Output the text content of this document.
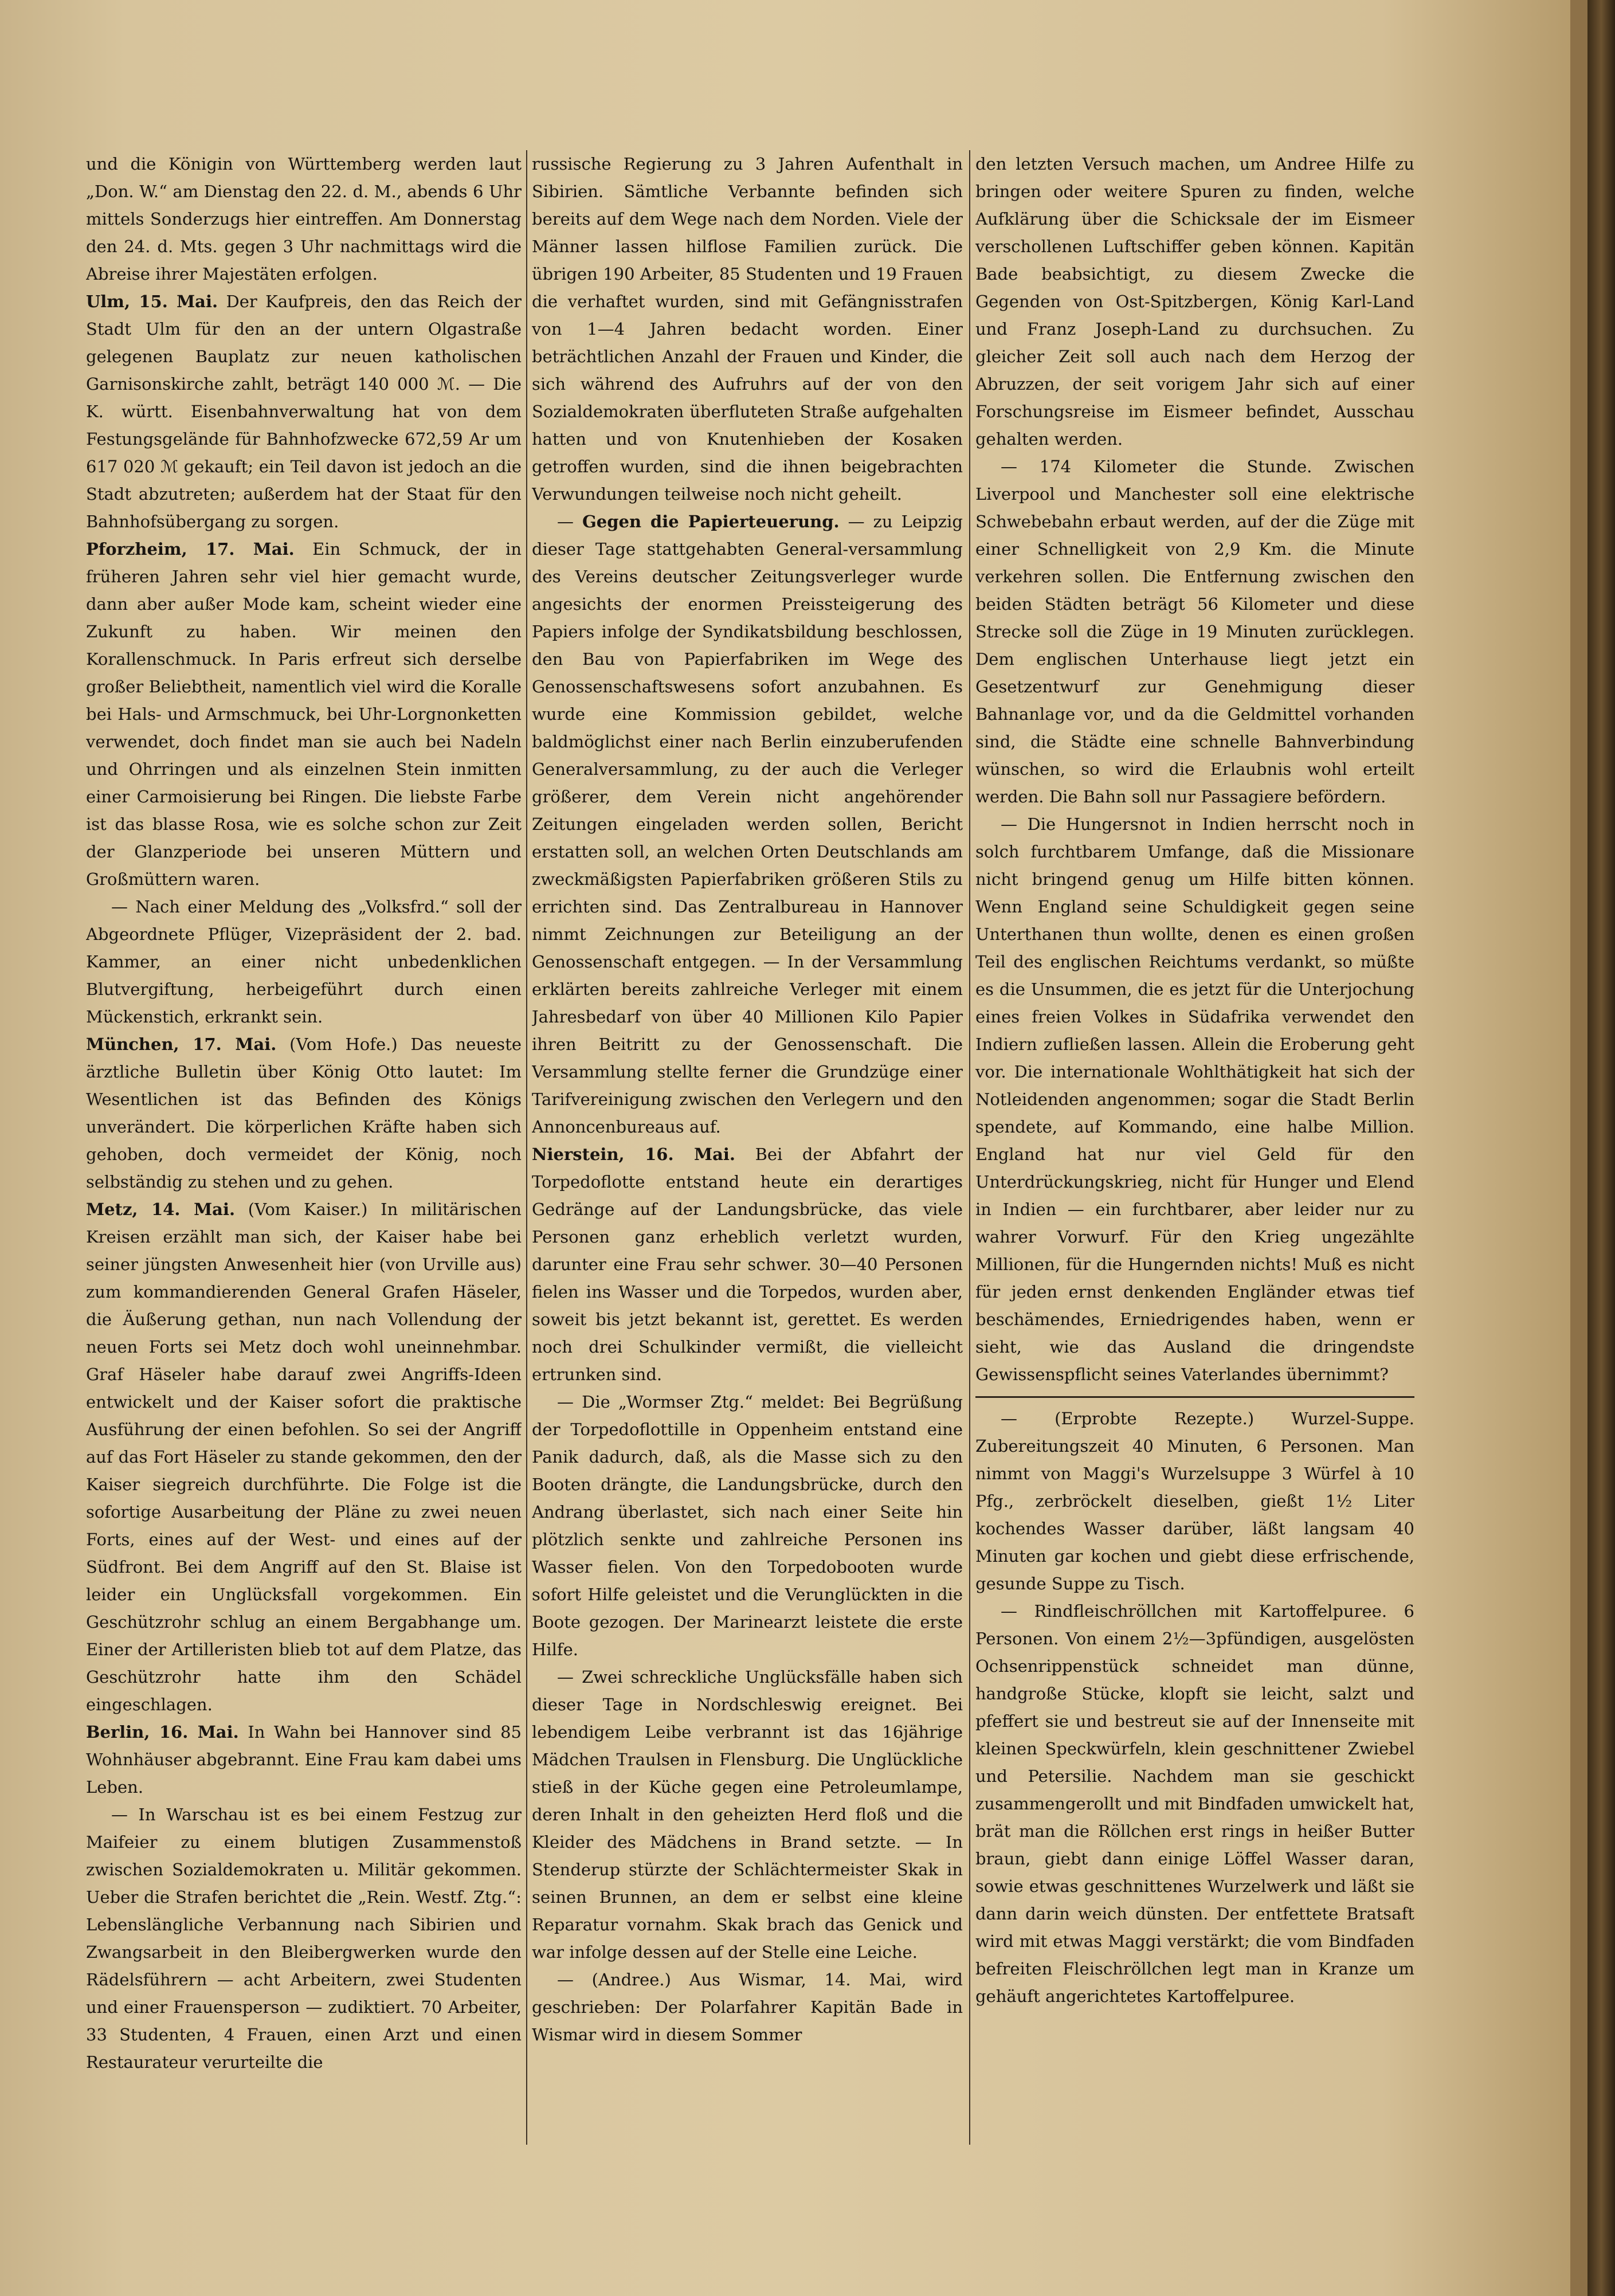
und die Königin von Württemberg werden laut „Don. W.“ am Dienstag den 22. d. M., abends 6 Uhr mittels Sonderzugs hier eintreffen. Am Donnerstag den 24. d. Mts. gegen 3 Uhr nachmittags wird die Abreise ihrer Majestäten erfolgen.

Ulm, 15. Mai. Der Kaufpreis, den das Reich der Stadt Ulm für den an der untern Olgastraße gelegenen Bauplatz zur neuen katholischen Garnisonskirche zahlt, beträgt 140 000 ℳ. — Die K. württ. Eisenbahnverwaltung hat von dem Festungsgelände für Bahnhofzwecke 672,59 Ar um 617 020 ℳ gekauft; ein Teil davon ist jedoch an die Stadt abzutreten; außerdem hat der Staat für den Bahnhofsübergang zu sorgen.

Pforzheim, 17. Mai. Ein Schmuck, der in früheren Jahren sehr viel hier gemacht wurde, dann aber außer Mode kam, scheint wieder eine Zukunft zu haben. Wir meinen den Korallenschmuck. In Paris erfreut sich derselbe großer Beliebtheit, namentlich viel wird die Koralle bei Hals- und Armschmuck, bei Uhr-Lorgnonketten verwendet, doch findet man sie auch bei Nadeln und Ohrringen und als einzelnen Stein inmitten einer Carmoisierung bei Ringen. Die liebste Farbe ist das blasse Rosa, wie es solche schon zur Zeit der Glanzperiode bei unseren Müttern und Großmüttern waren.

— Nach einer Meldung des „Volksfrd.“ soll der Abgeordnete Pflüger, Vizepräsident der 2. bad. Kammer, an einer nicht unbedenklichen Blutvergiftung, herbeigeführt durch einen Mückenstich, erkrankt sein.

München, 17. Mai. (Vom Hofe.) Das neueste ärztliche Bulletin über König Otto lautet: Im Wesentlichen ist das Befinden des Königs unverändert. Die körperlichen Kräfte haben sich gehoben, doch vermeidet der König, noch selbständig zu stehen und zu gehen.

Metz, 14. Mai. (Vom Kaiser.) In militärischen Kreisen erzählt man sich, der Kaiser habe bei seiner jüngsten Anwesenheit hier (von Urville aus) zum kommandierenden General Grafen Häseler, die Äußerung gethan, nun nach Vollendung der neuen Forts sei Metz doch wohl uneinnehmbar. Graf Häseler habe darauf zwei Angriffs-Ideen entwickelt und der Kaiser sofort die praktische Ausführung der einen befohlen. So sei der Angriff auf das Fort Häseler zu stande gekommen, den der Kaiser siegreich durchführte. Die Folge ist die sofortige Ausarbeitung der Pläne zu zwei neuen Forts, eines auf der West- und eines auf der Südfront. Bei dem Angriff auf den St. Blaise ist leider ein Unglücksfall vorgekommen. Ein Geschützrohr schlug an einem Bergabhange um. Einer der Artilleristen blieb tot auf dem Platze, das Geschützrohr hatte ihm den Schädel eingeschlagen.

Berlin, 16. Mai. In Wahn bei Hannover sind 85 Wohnhäuser abgebrannt. Eine Frau kam dabei ums Leben.

— In Warschau ist es bei einem Festzug zur Maifeier zu einem blutigen Zusammenstoß zwischen Sozialdemokraten u. Militär gekommen. Ueber die Strafen berichtet die „Rein. Westf. Ztg.“: Lebenslängliche Verbannung nach Sibirien und Zwangsarbeit in den Bleibergwerken wurde den Rädelsführern — acht Arbeitern, zwei Studenten und einer Frauensperson — zudiktiert. 70 Arbeiter, 33 Studenten, 4 Frauen, einen Arzt und einen Restaurateur verurteilte die

russische Regierung zu 3 Jahren Aufenthalt in Sibirien. Sämtliche Verbannte befinden sich bereits auf dem Wege nach dem Norden. Viele der Männer lassen hilflose Familien zurück. Die übrigen 190 Arbeiter, 85 Studenten und 19 Frauen die verhaftet wurden, sind mit Gefängnisstrafen von 1—4 Jahren bedacht worden. Einer beträchtlichen Anzahl der Frauen und Kinder, die sich während des Aufruhrs auf der von den Sozialdemokraten überfluteten Straße aufgehalten hatten und von Knutenhieben der Kosaken getroffen wurden, sind die ihnen beigebrachten Verwundungen teilweise noch nicht geheilt.

— Gegen die Papierteuerung. — zu Leipzig dieser Tage stattgehabten General-versammlung des Vereins deutscher Zeitungsverleger wurde angesichts der enormen Preissteigerung des Papiers infolge der Syndikatsbildung beschlossen, den Bau von Papierfabriken im Wege des Genossenschaftswesens sofort anzubahnen. Es wurde eine Kommission gebildet, welche baldmöglichst einer nach Berlin einzuberufenden Generalversammlung, zu der auch die Verleger größerer, dem Verein nicht angehörender Zeitungen eingeladen werden sollen, Bericht erstatten soll, an welchen Orten Deutschlands am zweckmäßigsten Papierfabriken größeren Stils zu errichten sind. Das Zentralbureau in Hannover nimmt Zeichnungen zur Beteiligung an der Genossenschaft entgegen. — In der Versammlung erklärten bereits zahlreiche Verleger mit einem Jahresbedarf von über 40 Millionen Kilo Papier ihren Beitritt zu der Genossenschaft. Die Versammlung stellte ferner die Grundzüge einer Tarifvereinigung zwischen den Verlegern und den Annoncenbureaus auf.

Nierstein, 16. Mai. Bei der Abfahrt der Torpedoflotte entstand heute ein derartiges Gedränge auf der Landungsbrücke, das viele Personen ganz erheblich verletzt wurden, darunter eine Frau sehr schwer. 30—40 Personen fielen ins Wasser und die Torpedos, wurden aber, soweit bis jetzt bekannt ist, gerettet. Es werden noch drei Schulkinder vermißt, die vielleicht ertrunken sind.

— Die „Wormser Ztg.“ meldet: Bei Begrüßung der Torpedoflottille in Oppenheim entstand eine Panik dadurch, daß, als die Masse sich zu den Booten drängte, die Landungsbrücke, durch den Andrang überlastet, sich nach einer Seite hin plötzlich senkte und zahlreiche Personen ins Wasser fielen. Von den Torpedobooten wurde sofort Hilfe geleistet und die Verunglückten in die Boote gezogen. Der Marinearzt leistete die erste Hilfe.

— Zwei schreckliche Unglücksfälle haben sich dieser Tage in Nordschleswig ereignet. Bei lebendigem Leibe verbrannt ist das 16jährige Mädchen Traulsen in Flensburg. Die Unglückliche stieß in der Küche gegen eine Petroleumlampe, deren Inhalt in den geheizten Herd floß und die Kleider des Mädchens in Brand setzte. — In Stenderup stürzte der Schlächtermeister Skak in seinen Brunnen, an dem er selbst eine kleine Reparatur vornahm. Skak brach das Genick und war infolge dessen auf der Stelle eine Leiche.

— (Andree.) Aus Wismar, 14. Mai, wird geschrieben: Der Polarfahrer Kapitän Bade in Wismar wird in diesem Sommer

den letzten Versuch machen, um Andree Hilfe zu bringen oder weitere Spuren zu finden, welche Aufklärung über die Schicksale der im Eismeer verschollenen Luftschiffer geben können. Kapitän Bade beabsichtigt, zu diesem Zwecke die Gegenden von Ost-Spitzbergen, König Karl-Land und Franz Joseph-Land zu durchsuchen. Zu gleicher Zeit soll auch nach dem Herzog der Abruzzen, der seit vorigem Jahr sich auf einer Forschungsreise im Eismeer befindet, Ausschau gehalten werden.

— 174 Kilometer die Stunde. Zwischen Liverpool und Manchester soll eine elektrische Schwebebahn erbaut werden, auf der die Züge mit einer Schnelligkeit von 2,9 Km. die Minute verkehren sollen. Die Entfernung zwischen den beiden Städten beträgt 56 Kilometer und diese Strecke soll die Züge in 19 Minuten zurücklegen. Dem englischen Unterhause liegt jetzt ein Gesetzentwurf zur Genehmigung dieser Bahnanlage vor, und da die Geldmittel vorhanden sind, die Städte eine schnelle Bahnverbindung wünschen, so wird die Erlaubnis wohl erteilt werden. Die Bahn soll nur Passagiere befördern.

— Die Hungersnot in Indien herrscht noch in solch furchtbarem Umfange, daß die Missionare nicht bringend genug um Hilfe bitten können. Wenn England seine Schuldigkeit gegen seine Unterthanen thun wollte, denen es einen großen Teil des englischen Reichtums verdankt, so müßte es die Unsummen, die es jetzt für die Unterjochung eines freien Volkes in Südafrika verwendet den Indiern zufließen lassen. Allein die Eroberung geht vor. Die internationale Wohlthätigkeit hat sich der Notleidenden angenommen; sogar die Stadt Berlin spendete, auf Kommando, eine halbe Million. England hat nur viel Geld für den Unterdrückungskrieg, nicht für Hunger und Elend in Indien — ein furchtbarer, aber leider nur zu wahrer Vorwurf. Für den Krieg ungezählte Millionen, für die Hungernden nichts! Muß es nicht für jeden ernst denkenden Engländer etwas tief beschämendes, Erniedrigendes haben, wenn er sieht, wie das Ausland die dringendste Gewissenspflicht seines Vaterlandes übernimmt?

— (Erprobte Rezepte.) Wurzel-Suppe. Zubereitungszeit 40 Minuten, 6 Personen. Man nimmt von Maggi's Wurzelsuppe 3 Würfel à 10 Pfg., zerbröckelt dieselben, gießt 1½ Liter kochendes Wasser darüber, läßt langsam 40 Minuten gar kochen und giebt diese erfrischende, gesunde Suppe zu Tisch.

— Rindfleischröllchen mit Kartoffelpuree. 6 Personen. Von einem 2½—3pfündigen, ausgelösten Ochsenrippenstück schneidet man dünne, handgroße Stücke, klopft sie leicht, salzt und pfeffert sie und bestreut sie auf der Innenseite mit kleinen Speckwürfeln, klein geschnittener Zwiebel und Petersilie. Nachdem man sie geschickt zusammengerollt und mit Bindfaden umwickelt hat, brät man die Röllchen erst rings in heißer Butter braun, giebt dann einige Löffel Wasser daran, sowie etwas geschnittenes Wurzelwerk und läßt sie dann darin weich dünsten. Der entfettete Bratsaft wird mit etwas Maggi verstärkt; die vom Bindfaden befreiten Fleischröllchen legt man in Kranze um gehäuft angerichtetes Kartoffelpuree.
